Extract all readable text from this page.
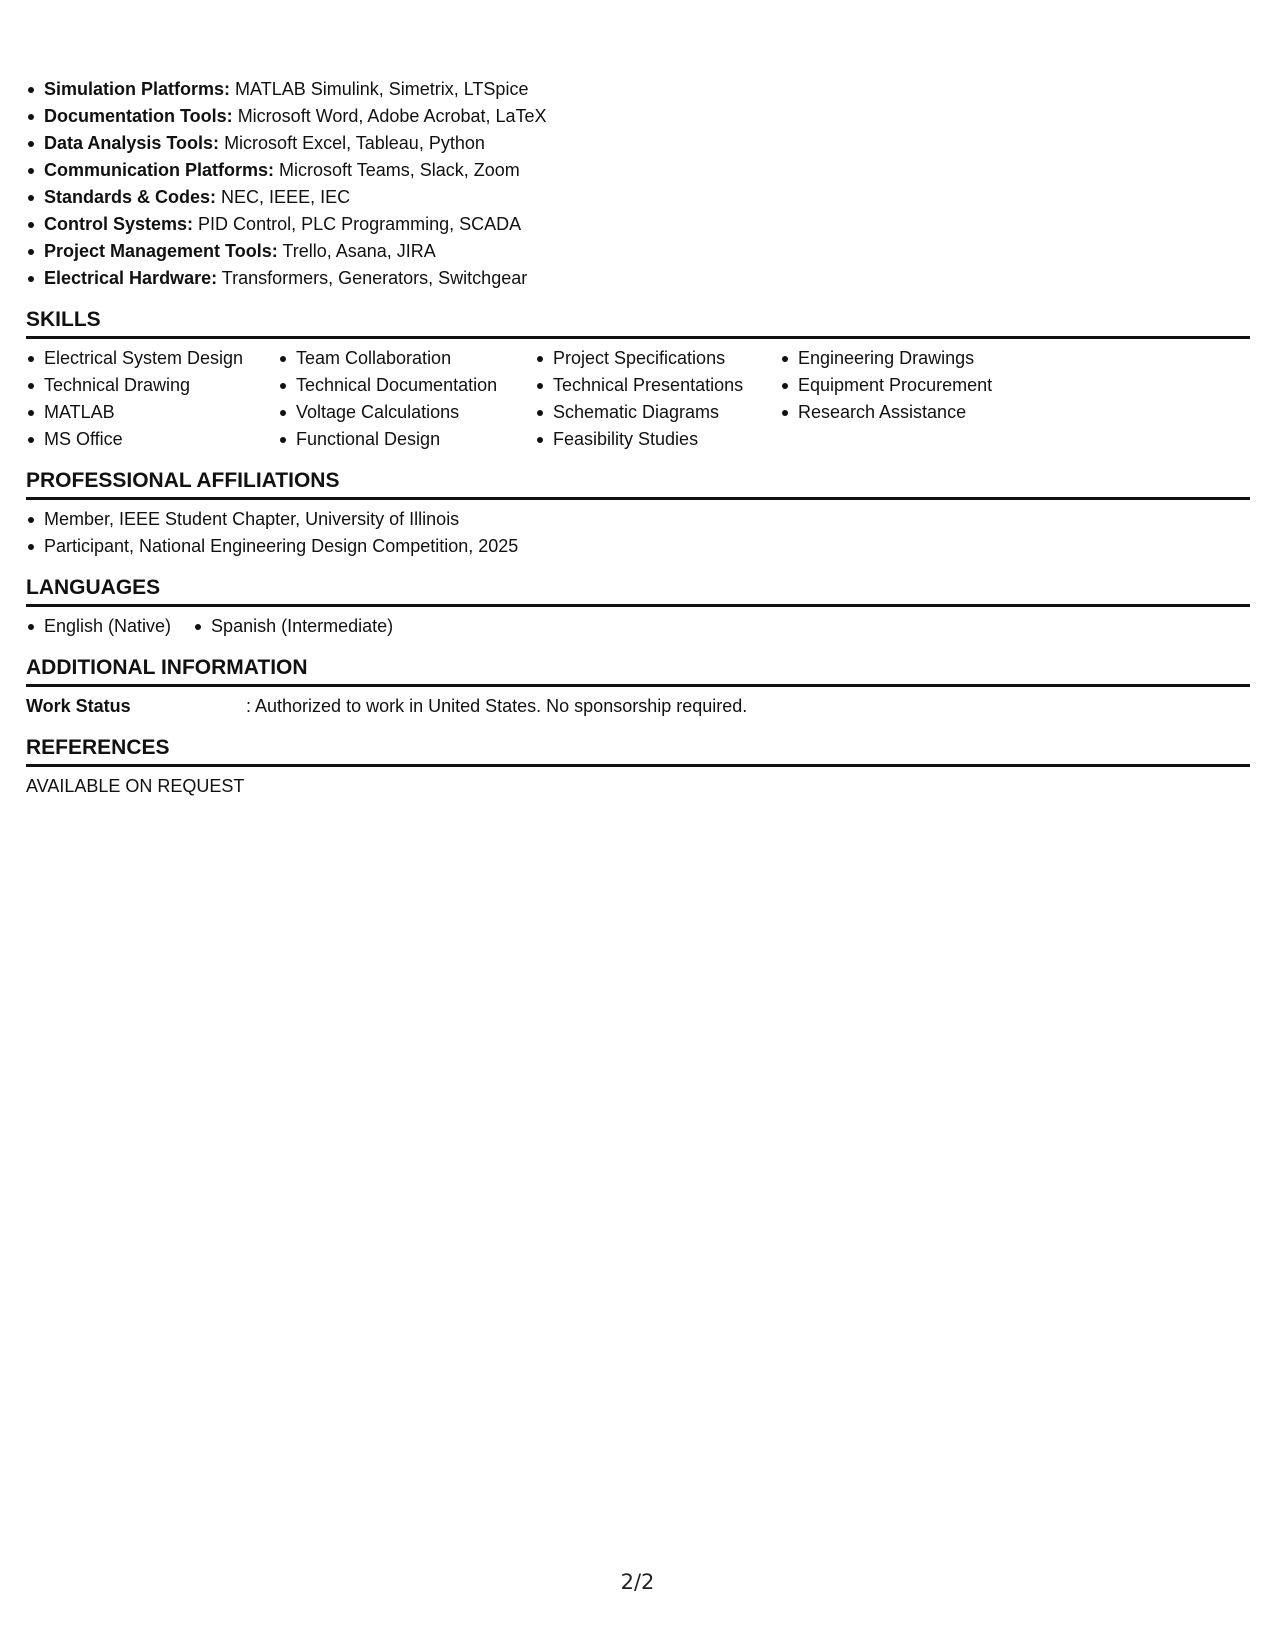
Simulation Platforms: MATLAB Simulink, Simetrix, LTSpice
Documentation Tools: Microsoft Word, Adobe Acrobat, LaTeX
Data Analysis Tools: Microsoft Excel, Tableau, Python
Communication Platforms: Microsoft Teams, Slack, Zoom
Standards & Codes: NEC, IEEE, IEC
Control Systems: PID Control, PLC Programming, SCADA
Project Management Tools: Trello, Asana, JIRA
Electrical Hardware: Transformers, Generators, Switchgear
SKILLS
Electrical System Design
Technical Drawing
MATLAB
MS Office
Team Collaboration
Technical Documentation
Voltage Calculations
Functional Design
Project Specifications
Technical Presentations
Schematic Diagrams
Feasibility Studies
Engineering Drawings
Equipment Procurement
Research Assistance
PROFESSIONAL AFFILIATIONS
Member, IEEE Student Chapter, University of Illinois
Participant, National Engineering Design Competition, 2025
LANGUAGES
English (Native)	Spanish (Intermediate)
ADDITIONAL INFORMATION
Work Status	: Authorized to work in United States. No sponsorship required.
REFERENCES
AVAILABLE ON REQUEST
2/2
